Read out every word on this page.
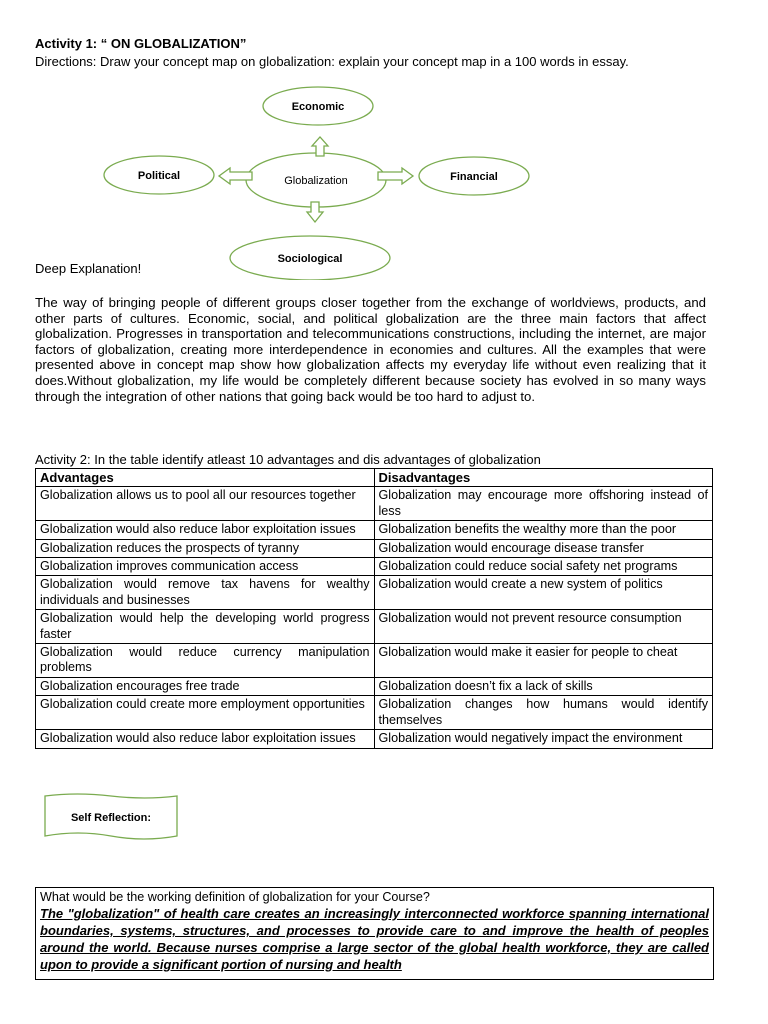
Activity 1: “ ON GLOBALIZATION”
Directions: Draw your concept map on globalization: explain your concept map in a 100 words in essay.
Economic
Political	Financial
Sociological
Globalization
Deep Explanation!
The way of bringing people of different groups closer together from the exchange of worldviews, products, and other parts of cultures. Economic, social, and political globalization are the three main factors that affect globalization. Progresses in transportation and telecommunications constructions, including the internet, are major factors of globalization, creating more interdependence in economies and cultures. All the examples that were presented above in concept map show how globalization affects my everyday life without even realizing that it does.Without globalization, my life would be completely different because society has evolved in so many ways through the integration of other nations that going back would be too hard to adjust to.
Activity 2: In the table identify atleast 10 advantages and dis advantages of globalization
Advantages	Disadvantages
Globalization allows us to pool all our resources together	Globalization may encourage more offshoring instead of less
Globalization would also reduce labor exploitation issues	Globalization benefits the wealthy more than the poor
Globalization reduces the prospects of tyranny	Globalization would encourage disease transfer
Globalization improves communication access	Globalization could reduce social safety net programs
Globalization would remove tax havens for wealthy individuals and businesses	Globalization would create a new system of politics
Globalization would help the developing world progress faster	Globalization would not prevent resource consumption
Globalization would reduce currency manipulation problems	Globalization would make it easier for people to cheat
Globalization encourages free trade	Globalization doesn’t fix a lack of skills
Globalization could create more employment opportunities	Globalization changes how humans would identify themselves
Globalization would also reduce labor exploitation issues	Globalization would negatively impact the environment
Self Reflection:
What would be the working definition of globalization for your Course?
The "globalization" of health care creates an increasingly interconnected workforce spanning international boundaries, systems, structures, and processes to provide care to and improve the health of peoples around the world. Because nurses comprise a large sector of the global health workforce, they are called upon to provide a significant portion of nursing and health
